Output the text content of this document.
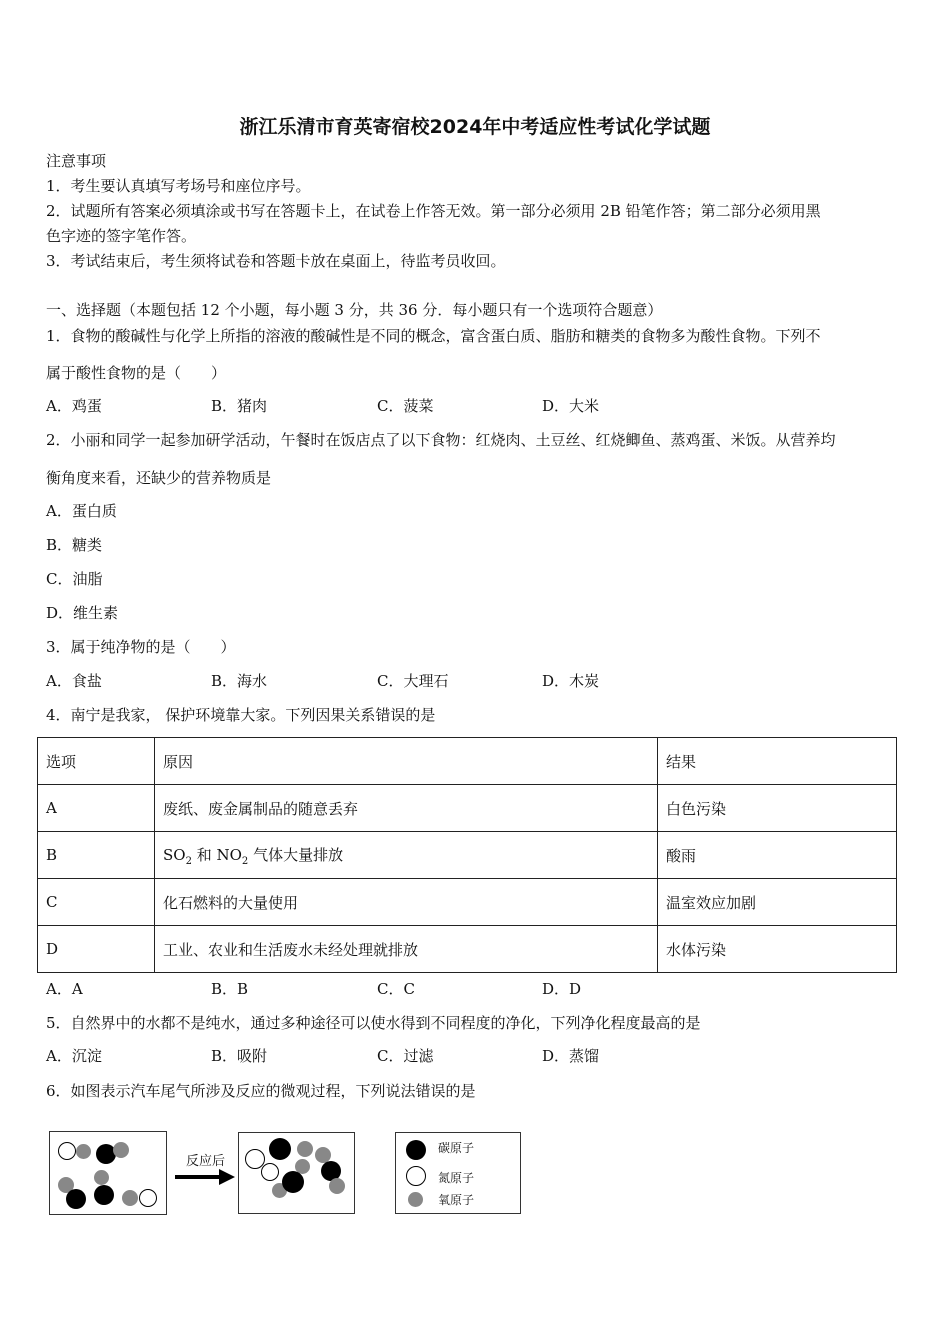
浙江乐清市育英寄宿校2024年中考适应性考试化学试题
注意事项
1．考生要认真填写考场号和座位序号。
2．试题所有答案必须填涂或书写在答题卡上，在试卷上作答无效。第一部分必须用 2B 铅笔作答；第二部分必须用黑
色字迹的签字笔作答。
3．考试结束后，考生须将试卷和答题卡放在桌面上，待监考员收回。
一、选择题（本题包括 12 个小题，每小题 3 分，共 36 分．每小题只有一个选项符合题意）
1．食物的酸碱性与化学上所指的溶液的酸碱性是不同的概念，富含蛋白质、脂肪和糖类的食物多为酸性食物。下列不
属于酸性食物的是（　　）
A．鸡蛋	B．猪肉	C．菠菜	D．大米
2．小丽和同学一起参加研学活动，午餐时在饭店点了以下食物：红烧肉、土豆丝、红烧鲫鱼、蒸鸡蛋、米饭。从营养均
衡角度来看，还缺少的营养物质是
A．蛋白质
B．糖类
C．油脂
D．维生素
3．属于纯净物的是（　　）
A．食盐	B．海水	C．大理石	D．木炭
4．南宁是我家， 保护环境靠大家。下列因果关系错误的是
选项	原因	结果
A	废纸、废金属制品的随意丢弃	白色污染
B	$SO_2$ 和 $NO_2$ 气体大量排放	酸雨
C	化石燃料的大量使用	温室效应加剧
D	工业、农业和生活废水未经处理就排放	水体污染
A．A	B．B	C．C	D．D
5．自然界中的水都不是纯水，通过多种途径可以使水得到不同程度的净化，下列净化程度最高的是
A．沉淀	B．吸附	C．过滤	D．蒸馏
6．如图表示汽车尾气所涉及反应的微观过程，下列说法错误的是
反应后
碳原子
氮原子
氧原子
